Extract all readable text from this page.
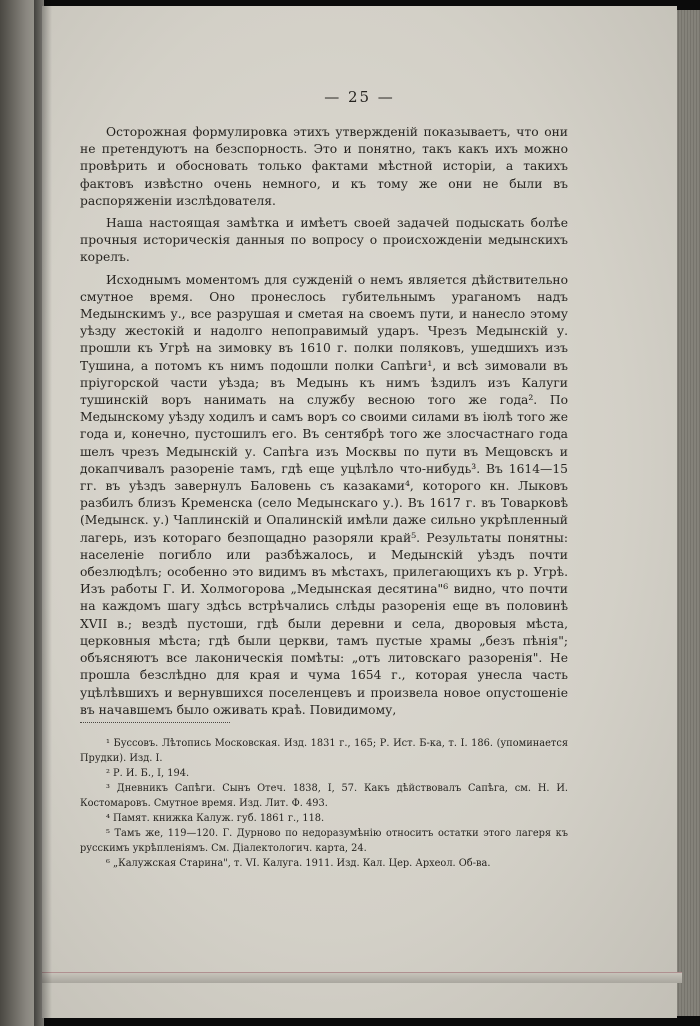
— 25 —

Осторожная формулировка этихъ утвержденiй показываетъ, что они не претендуютъ на безспорность. Это и понятно, такъ какъ ихъ можно провѣрить и обосновать только фактами мѣстной исторiи, а такихъ фактовъ извѣстно очень немного, и къ тому же они не были въ распоряженiи изслѣдователя.

Наша настоящая замѣтка и имѣетъ своей задачей подыскать болѣе прочныя историческiя данныя по вопросу о происхожденiи медынскихъ корелъ.

Исходнымъ моментомъ для сужденiй о немъ является дѣйствительно смутное время. Оно пронеслось губительнымъ ураганомъ надъ Медынскимъ у., все разрушая и сметая на своемъ пути, и нанесло этому уѣзду жестокiй и надолго непоправимый ударъ. Чрезъ Медынскiй у. прошли къ Угрѣ на зимовку въ 1610 г. полки поляковъ, ушедшихъ изъ Тушина, а потомъ къ нимъ подошли полки Сапѣги¹, и всѣ зимовали въ прiугорской части уѣзда; въ Медынь къ нимъ ѣздилъ изъ Калуги тушинскiй воръ нанимать на службу весною того же года². По Медынскому уѣзду ходилъ и самъ воръ со своими силами въ iюлѣ того же года и, конечно, пустошилъ его. Въ сентябрѣ того же злосчастнаго года шелъ чрезъ Медынскiй у. Сапѣга изъ Москвы по пути въ Мещовскъ и докапчивалъ разоренiе тамъ, гдѣ еще уцѣлѣло что-нибудь³. Въ 1614—15 гг. въ уѣздъ завернулъ Баловень съ казаками⁴, которого кн. Лыковъ разбилъ близъ Кременска (село Медынскаго у.). Въ 1617 г. въ Товарковѣ (Медынск. у.) Чаплинскiй и Опалинскiй имѣли даже сильно укрѣпленный лагерь, изъ котораго безпощадно разоряли край⁵. Результаты понятны: населенiе погибло или разбѣжалось, и Медынскiй уѣздъ почти обезлюдѣлъ; особенно это видимъ въ мѣстахъ, прилегающихъ къ р. Угрѣ. Изъ работы Г. И. Холмогорова „Медынская десятина"⁶ видно, что почти на каждомъ шагу здѣсь встрѣчались слѣды разоренiя еще въ половинѣ XVII в.; вездѣ пустоши, гдѣ были деревни и села, дворовыя мѣста, церковныя мѣста; гдѣ были церкви, тамъ пустые храмы „безъ пѣнiя"; объясняютъ все лаконическiя помѣты: „отъ литовскаго разоренiя". Не прошла безслѣдно для края и чума 1654 г., которая унесла часть уцѣлѣвшихъ и вернувшихся поселенцевъ и произвела новое опустошенiе въ начавшемъ было оживать краѣ. Повидимому,

¹ Буссовъ. Лѣтопись Московская. Изд. 1831 г., 165; Р. Ист. Б-ка, т. I. 186. (упоминается Прудки). Изд. I.
² Р. И. Б., I, 194.
³ Дневникъ Сапѣги. Сынъ Отеч. 1838, I, 57. Какъ дѣйствовалъ Сапѣга, см. Н. И. Костомаровъ. Смутное время. Изд. Лит. Ф. 493.
⁴ Памят. книжка Калуж. губ. 1861 г., 118.
⁵ Тамъ же, 119—120. Г. Дурново по недоразумѣнiю относитъ остатки этого лагеря къ русскимъ укрѣпленiямъ. См. Дiалектологич. карта, 24.
⁶ „Калужская Старина", т. VI. Калуга. 1911. Изд. Кал. Цер. Археол. Об-ва.
